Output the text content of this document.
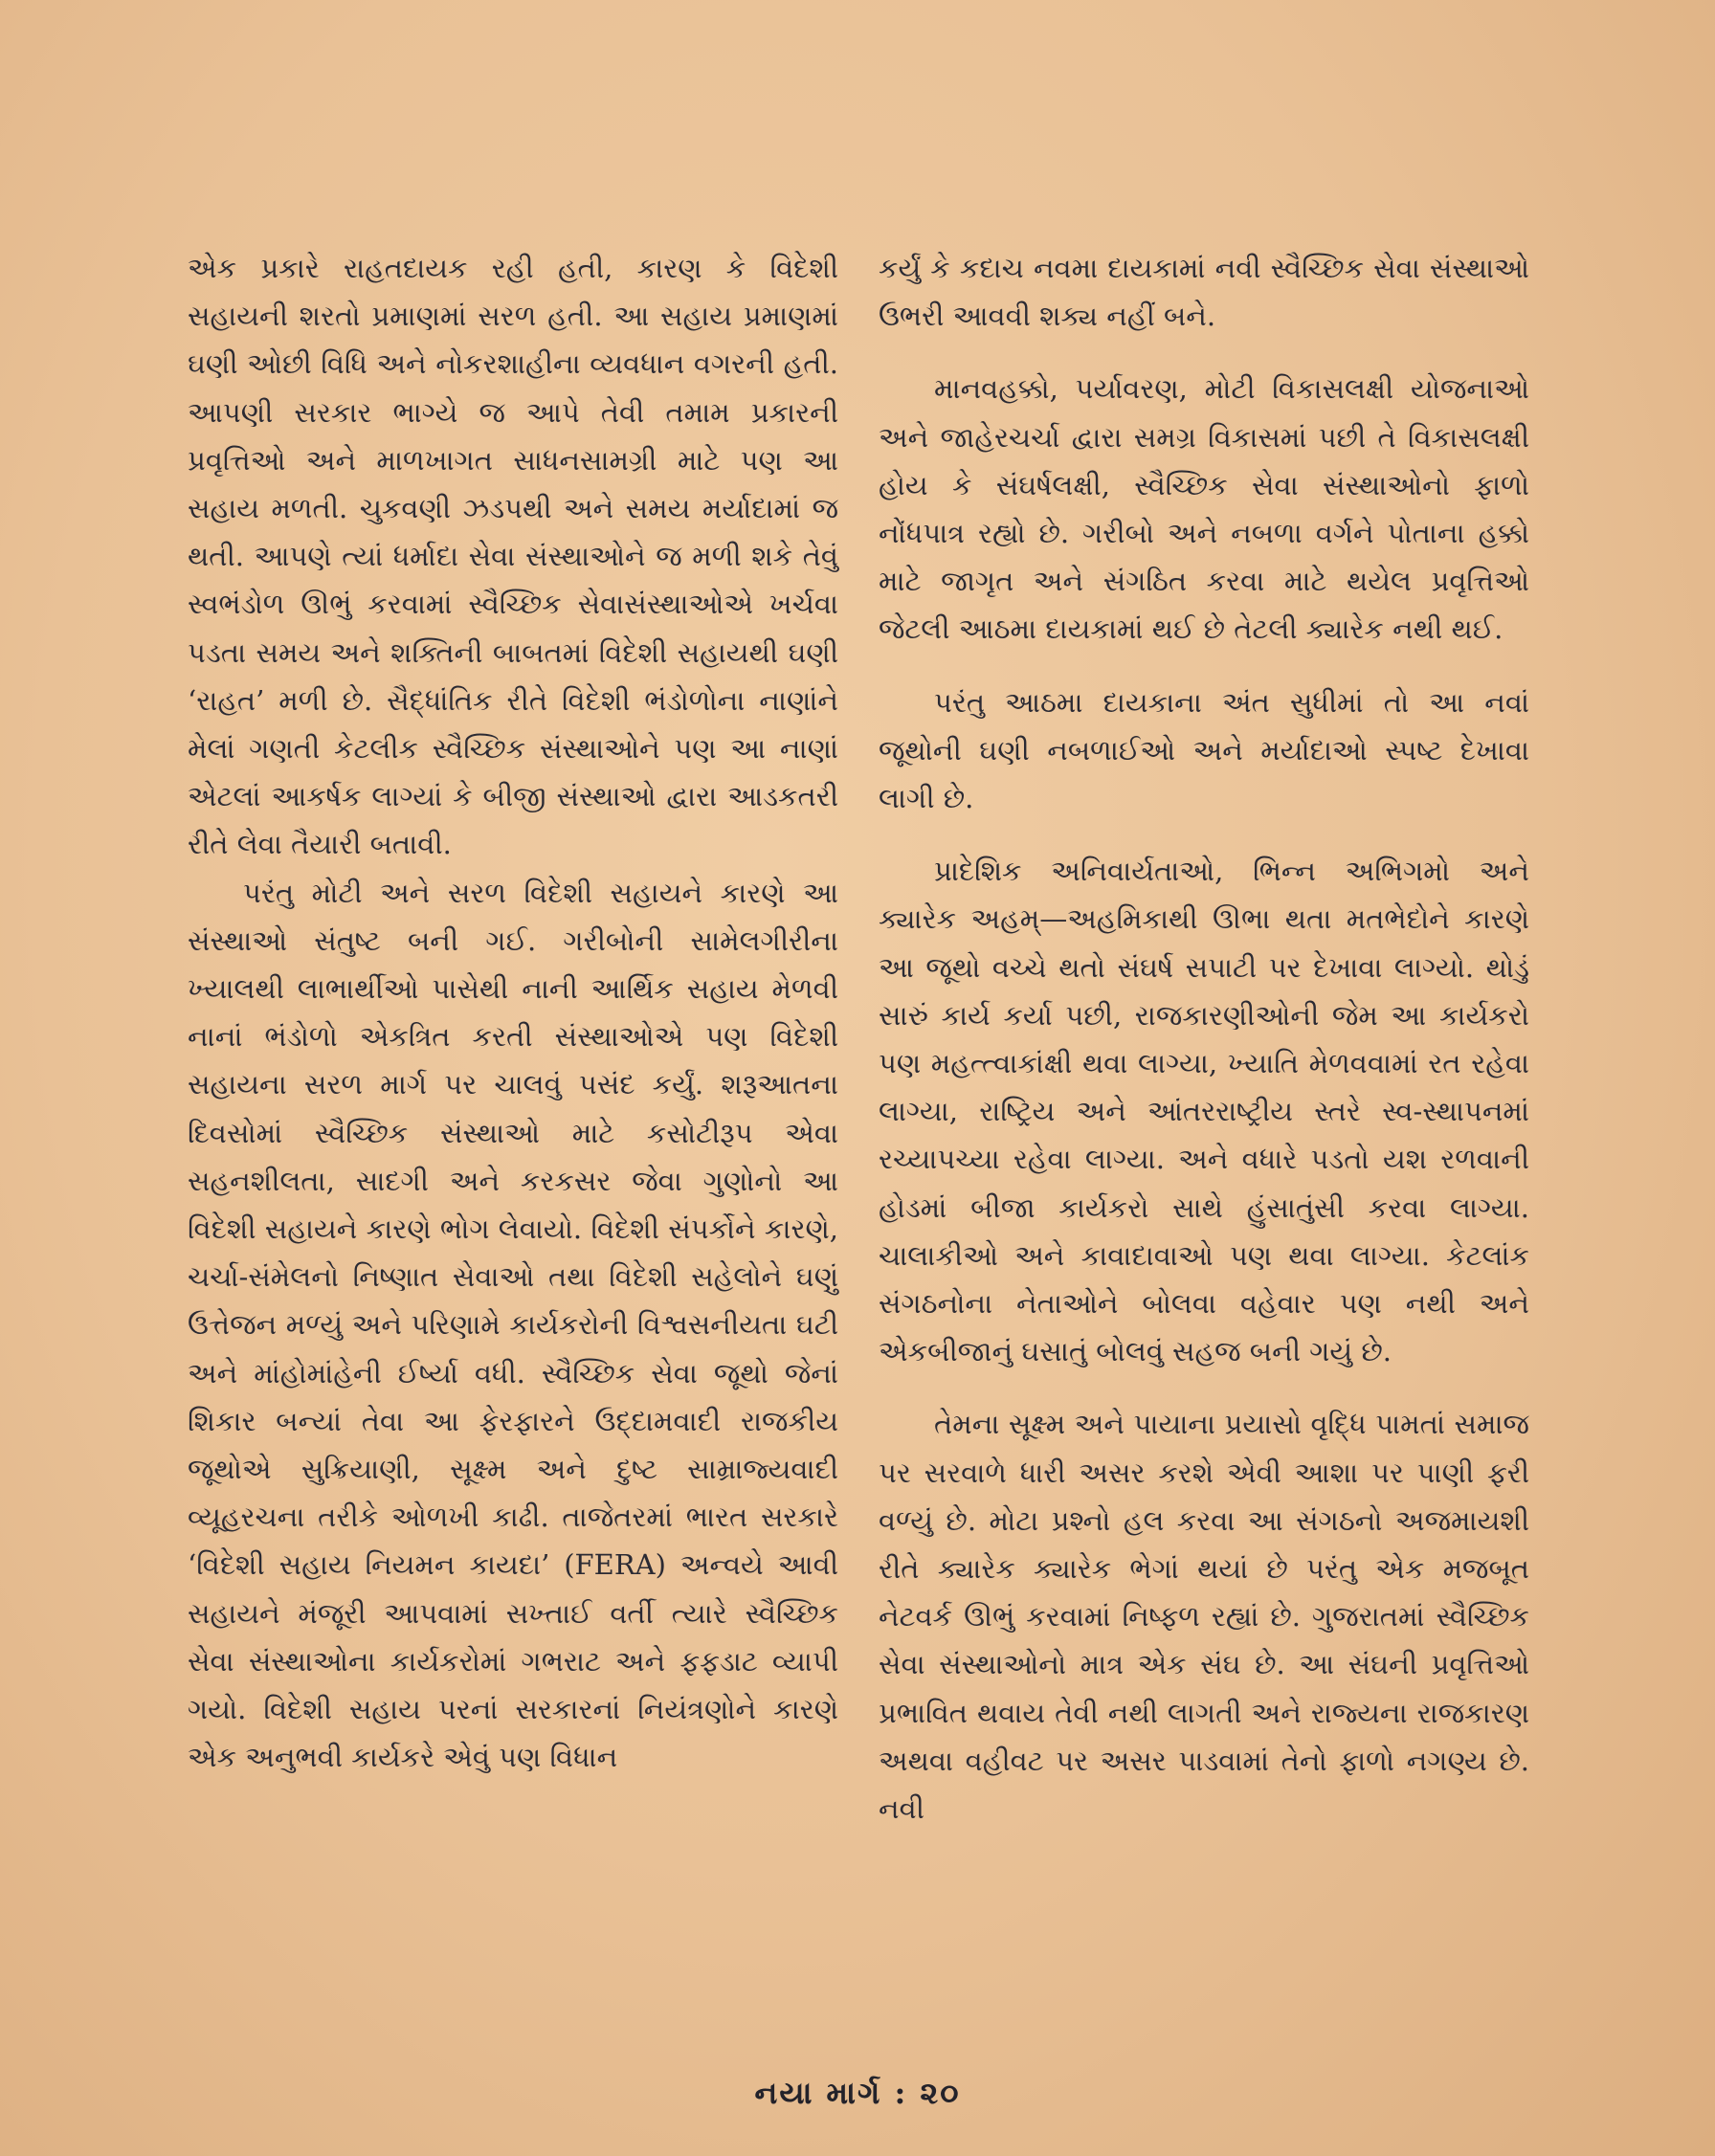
એક પ્રકારે રાહતદાયક રહી હતી, કારણ કે વિદેશી સહાયની શરતો પ્રમાણમાં સરળ હતી. આ સહાય પ્રમાણમાં ઘણી ઓછી વિધિ અને નોકરશાહીના વ્યવધાન વગરની હતી. આપણી સરકાર ભાગ્યે જ આપે તેવી તમામ પ્રકારની પ્રવૃત્તિઓ અને માળખાગત સાધનસામગ્રી માટે પણ આ સહાય મળતી. ચુકવણી ઝડપથી અને સમય મર્યાદામાં જ થતી. આપણે ત્યાં ધર્માદા સેવા સંસ્થાઓને જ મળી શકે તેવું સ્વભંડોળ ઊભું કરવામાં સ્વૈચ્છિક સેવાસંસ્થાઓએ ખર્ચવા પડતા સમય અને શક્તિની બાબતમાં વિદેશી સહાયથી ઘણી ‘રાહત’ મળી છે. સૈદ્ધાંતિક રીતે વિદેશી ભંડોળોના નાણાંને મેલાં ગણતી કેટલીક સ્વૈચ્છિક સંસ્થાઓને પણ આ નાણાં એટલાં આકર્ષક લાગ્યાં કે બીજી સંસ્થાઓ દ્વારા આડકતરી રીતે લેવા તૈયારી બતાવી.

પરંતુ મોટી અને સરળ વિદેશી સહાયને કારણે આ સંસ્થાઓ સંતુષ્ટ બની ગઈ. ગરીબોની સામેલગીરીના ખ્યાલથી લાભાર્થીઓ પાસેથી નાની આર્થિક સહાય મેળવી નાનાં ભંડોળો એકત્રિત કરતી સંસ્થાઓએ પણ વિદેશી સહાયના સરળ માર્ગ પર ચાલવું પસંદ કર્યું. શરૂઆતના દિવસોમાં સ્વૈચ્છિક સંસ્થાઓ માટે કસોટીરૂપ એવા સહનશીલતા, સાદગી અને કરકસર જેવા ગુણોનો આ વિદેશી સહાયને કારણે ભોગ લેવાયો. વિદેશી સંપર્કોને કારણે, ચર્ચા-સંમેલનો નિષ્ણાત સેવાઓ તથા વિદેશી સહેલોને ઘણું ઉત્તેજન મળ્યું અને પરિણામે કાર્યકરોની વિશ્વસનીયતા ઘટી અને માંહોમાંહેની ઈર્ષ્યા વધી. સ્વૈચ્છિક સેવા જૂથો જેનાં શિકાર બન્યાં તેવા આ ફેરફારને ઉદ્દામવાદી રાજકીય જૂથોએ સુક્રિયાણી, સૂક્ષ્મ અને દુષ્ટ સામ્રાજ્યવાદી વ્યૂહરચના તરીકે ઓળખી કાઢી. તાજેતરમાં ભારત સરકારે ‘વિદેશી સહાય નિયમન કાયદા’ (FERA) અન્વયે આવી સહાયને મંજૂરી આપવામાં સખ્તાઈ વર્તી ત્યારે સ્વૈચ્છિક સેવા સંસ્થાઓના કાર્યકરોમાં ગભરાટ અને ફફડાટ વ્યાપી ગયો. વિદેશી સહાય પરનાં સરકારનાં નિયંત્રણોને કારણે એક અનુભવી કાર્યકરે એવું પણ વિધાન

કર્યું કે કદાચ નવમા દાયકામાં નવી સ્વૈચ્છિક સેવા સંસ્થાઓ ઉભરી આવવી શક્ય નહીં બને.

માનવહક્કો, પર્યાવરણ, મોટી વિકાસલક્ષી યોજનાઓ અને જાહેરચર્ચા દ્વારા સમગ્ર વિકાસમાં પછી તે વિકાસલક્ષી હોય કે સંઘર્ષલક્ષી, સ્વૈચ્છિક સેવા સંસ્થાઓનો ફાળો નોંધપાત્ર રહ્યો છે. ગરીબો અને નબળા વર્ગને પોતાના હક્કો માટે જાગૃત અને સંગઠિત કરવા માટે થયેલ પ્રવૃત્તિઓ જેટલી આઠમા દાયકામાં થઈ છે તેટલી ક્યારેક નથી થઈ.

પરંતુ આઠમા દાયકાના અંત સુધીમાં તો આ નવાં જૂથોની ઘણી નબળાઈઓ અને મર્યાદાઓ સ્પષ્ટ દેખાવા લાગી છે.

પ્રાદેશિક અનિવાર્યતાઓ, ભિન્ન અભિગમો અને ક્યારેક અહમ્—અહમિકાથી ઊભા થતા મતભેદોને કારણે આ જૂથો વચ્ચે થતો સંઘર્ષ સપાટી પર દેખાવા લાગ્યો. થોડું સારું કાર્ય કર્યા પછી, રાજકારણીઓની જેમ આ કાર્યકરો પણ મહત્ત્વાકાંક્ષી થવા લાગ્યા, ખ્યાતિ મેળવવામાં રત રહેવા લાગ્યા, રાષ્ટ્રિય અને આંતરરાષ્ટ્રીય સ્તરે સ્વ-સ્થાપનમાં રચ્યાપચ્યા રહેવા લાગ્યા. અને વધારે પડતો યશ રળવાની હોડમાં બીજા કાર્યકરો સાથે હુંસાતુંસી કરવા લાગ્યા. ચાલાકીઓ અને કાવાદાવાઓ પણ થવા લાગ્યા. કેટલાંક સંગઠનોના નેતાઓને બોલવા વહેવાર પણ નથી અને એકબીજાનું ઘસાતું બોલવું સહજ બની ગયું છે.

તેમના સૂક્ષ્મ અને પાયાના પ્રયાસો વૃદ્ધિ પામતાં સમાજ પર સરવાળે ધારી અસર કરશે એવી આશા પર પાણી ફરી વળ્યું છે. મોટા પ્રશ્નો હલ કરવા આ સંગઠનો અજમાયશી રીતે ક્યારેક ક્યારેક ભેગાં થયાં છે પરંતુ એક મજબૂત નેટવર્ક ઊભું કરવામાં નિષ્ફળ રહ્યાં છે. ગુજરાતમાં સ્વૈચ્છિક સેવા સંસ્થાઓનો માત્ર એક સંઘ છે. આ સંઘની પ્રવૃત્તિઓ પ્રભાવિત થવાય તેવી નથી લાગતી અને રાજ્યના રાજકારણ અથવા વહીવટ પર અસર પાડવામાં તેનો ફાળો નગણ્ય છે. નવી

નયા માર્ગ : ૨૦
